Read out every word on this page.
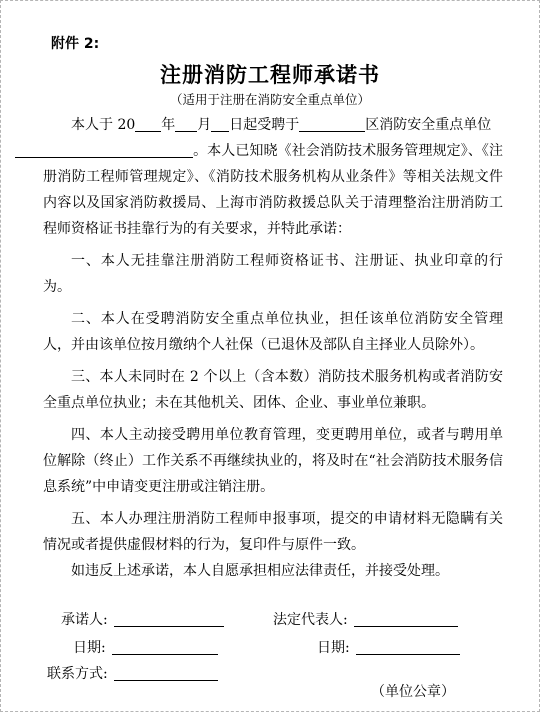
附件 2:
注册消防工程师承诺书
（适用于注册在消防安全重点单位）

本人于 20 年 月 日起受聘于	区消防安全重点单位
。本人已知晓《社会消防技术服务管理规定》、《注册消防工程师管理规定》、《消防技术服务机构从业条件》等相关法规文件内容以及国家消防救援局、上海市消防救援总队关于清理整治注册消防工程师资格证书挂靠行为的有关要求，并特此承诺：

一、本人无挂靠注册消防工程师资格证书、注册证、执业印章的行为。

二、本人在受聘消防安全重点单位执业，担任该单位消防安全管理人，并由该单位按月缴纳个人社保（已退休及部队自主择业人员除外）。

三、本人未同时在 2 个以上（含本数）消防技术服务机构或者消防安全重点单位执业；未在其他机关、团体、企业、事业单位兼职。

四、本人主动接受聘用单位教育管理，变更聘用单位，或者与聘用单位解除（终止）工作关系不再继续执业的，将及时在“社会消防技术服务信息系统”中申请变更注册或注销注册。

五、本人办理注册消防工程师申报事项，提交的申请材料无隐瞒有关情况或者提供虚假材料的行为，复印件与原件一致。

如违反上述承诺，本人自愿承担相应法律责任，并接受处理。

承诺人:	法定代表人:
日期:	日期:
联系方式:
（单位公章）
